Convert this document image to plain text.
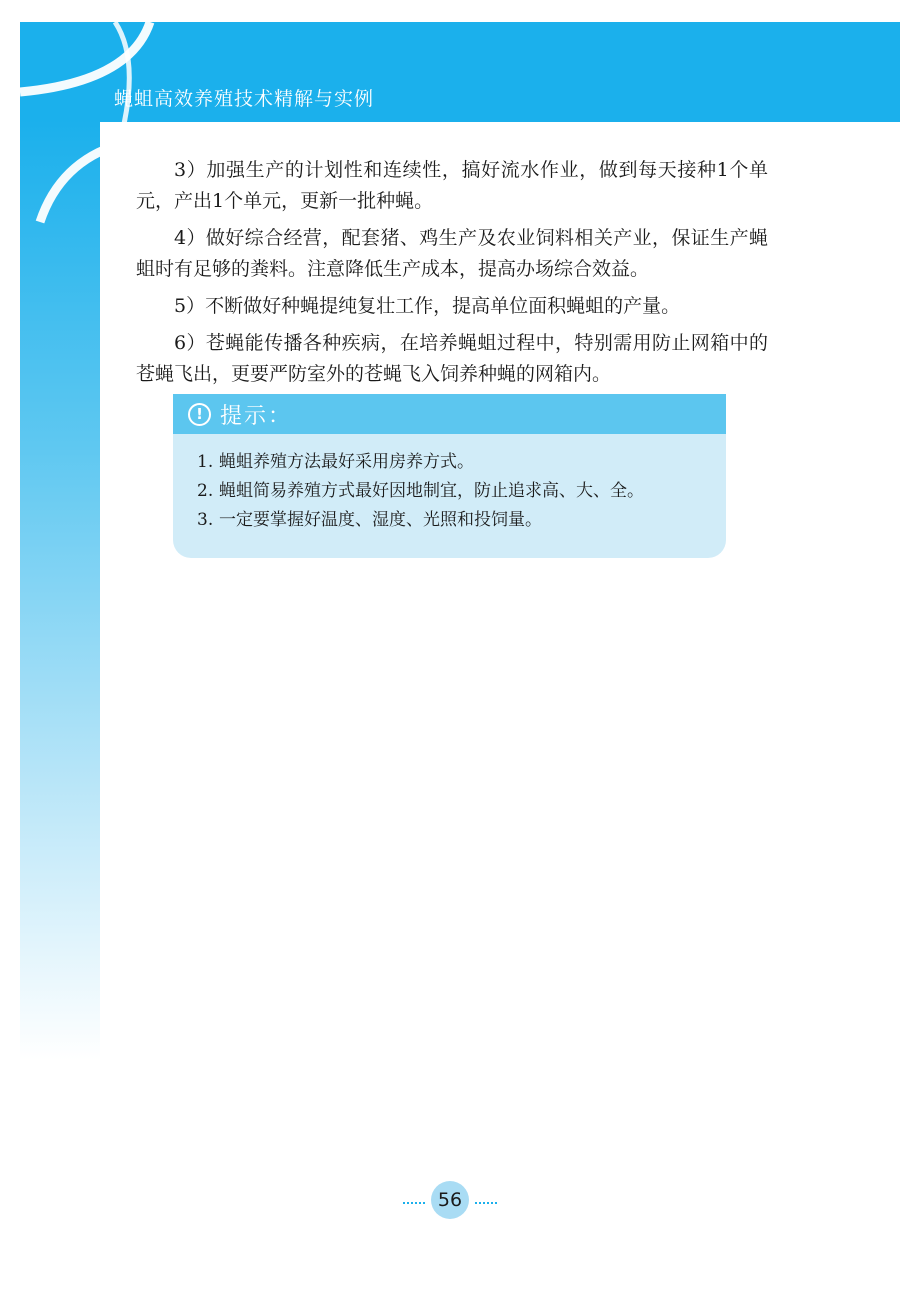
蝇蛆高效养殖技术精解与实例

3）加强生产的计划性和连续性，搞好流水作业，做到每天接种1个单元，产出1个单元，更新一批种蝇。

4）做好综合经营，配套猪、鸡生产及农业饲料相关产业，保证生产蝇蛆时有足够的粪料。注意降低生产成本，提高办场综合效益。

5）不断做好种蝇提纯复壮工作，提高单位面积蝇蛆的产量。

6）苍蝇能传播各种疾病，在培养蝇蛆过程中，特别需用防止网箱中的苍蝇飞出，更要严防室外的苍蝇飞入饲养种蝇的网箱内。

! 提示：
1. 蝇蛆养殖方法最好采用房养方式。
2. 蝇蛆简易养殖方式最好因地制宜，防止追求高、大、全。
3. 一定要掌握好温度、湿度、光照和投饲量。
56
